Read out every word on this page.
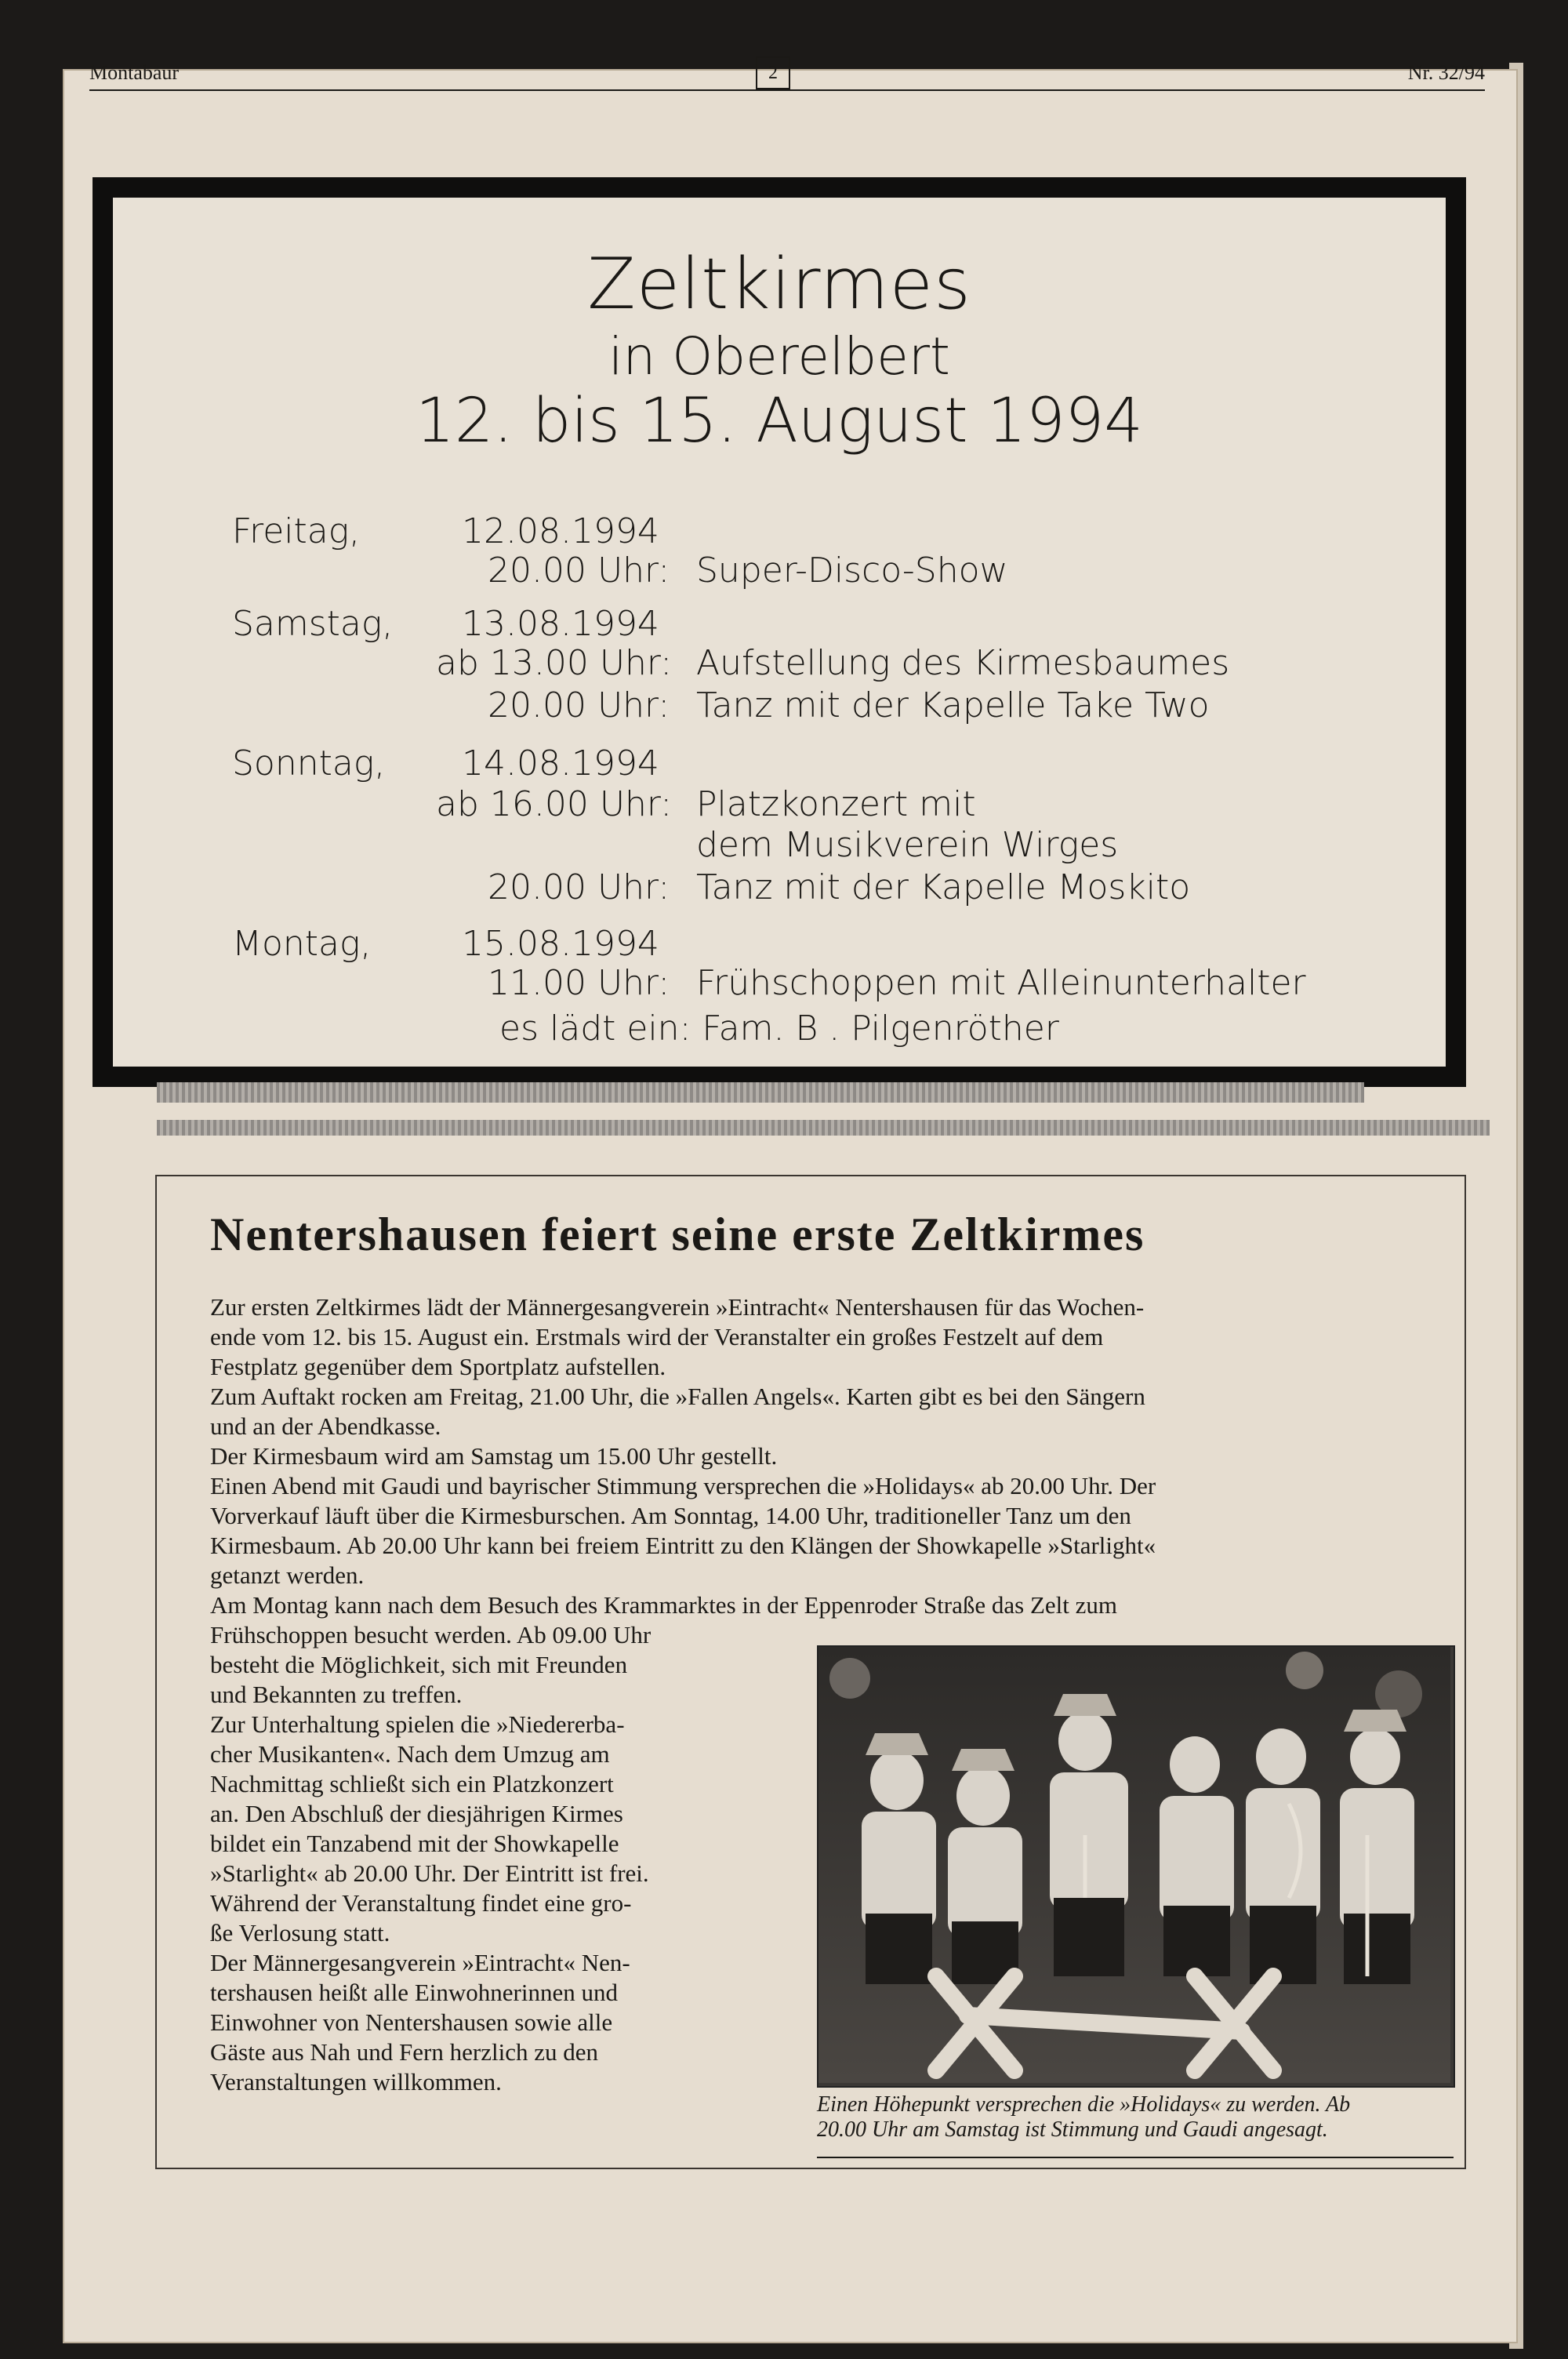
Montabaur	2	Nr. 32/94
Zeltkirmes
in Oberelbert
12. bis 15. August 1994
Freitag,	12.08.1994
20.00 Uhr: Super-Disco-Show
Samstag, 13.08.1994
ab 13.00 Uhr: Aufstellung des Kirmesbaumes
20.00 Uhr: Tanz mit der Kapelle Take Two
Sonntag, 14.08.1994
ab 16.00 Uhr: Platzkonzert mit
dem Musikverein Wirges
20.00 Uhr: Tanz mit der Kapelle Moskito
Montag,	15.08.1994
11.00 Uhr: Frühschoppen mit Alleinunterhalter
es lädt ein: Fam. B . Pilgenröther
Nentershausen feiert seine erste Zeltkirmes
Zur ersten Zeltkirmes lädt der Männergesangverein »Eintracht« Nentershausen für das Wochen-
ende vom 12. bis 15. August ein. Erstmals wird der Veranstalter ein großes Festzelt auf dem
Festplatz gegenüber dem Sportplatz aufstellen.
Zum Auftakt rocken am Freitag, 21.00 Uhr, die »Fallen Angels«. Karten gibt es bei den Sängern
und an der Abendkasse.
Der Kirmesbaum wird am Samstag um 15.00 Uhr gestellt.
Einen Abend mit Gaudi und bayrischer Stimmung versprechen die »Holidays« ab 20.00 Uhr. Der
Vorverkauf läuft über die Kirmesburschen. Am Sonntag, 14.00 Uhr, traditioneller Tanz um den
Kirmesbaum. Ab 20.00 Uhr kann bei freiem Eintritt zu den Klängen der Showkapelle »Starlight«
getanzt werden.
Am Montag kann nach dem Besuch des Krammarktes in der Eppenroder Straße das Zelt zum
Frühschoppen besucht werden. Ab 09.00 Uhr
besteht die Möglichkeit, sich mit Freunden
und Bekannten zu treffen.
Zur Unterhaltung spielen die »Niedererba-
cher Musikanten«. Nach dem Umzug am
Nachmittag schließt sich ein Platzkonzert
an. Den Abschluß der diesjährigen Kirmes
bildet ein Tanzabend mit der Showkapelle
»Starlight« ab 20.00 Uhr. Der Eintritt ist frei.
Während der Veranstaltung findet eine gro-
ße Verlosung statt.
Der Männergesangverein »Eintracht« Nen-
tershausen heißt alle Einwohnerinnen und
Einwohner von Nentershausen sowie alle
Gäste aus Nah und Fern herzlich zu den
Veranstaltungen willkommen.
Einen Höhepunkt versprechen die »Holidays« zu werden. Ab
20.00 Uhr am Samstag ist Stimmung und Gaudi angesagt.
